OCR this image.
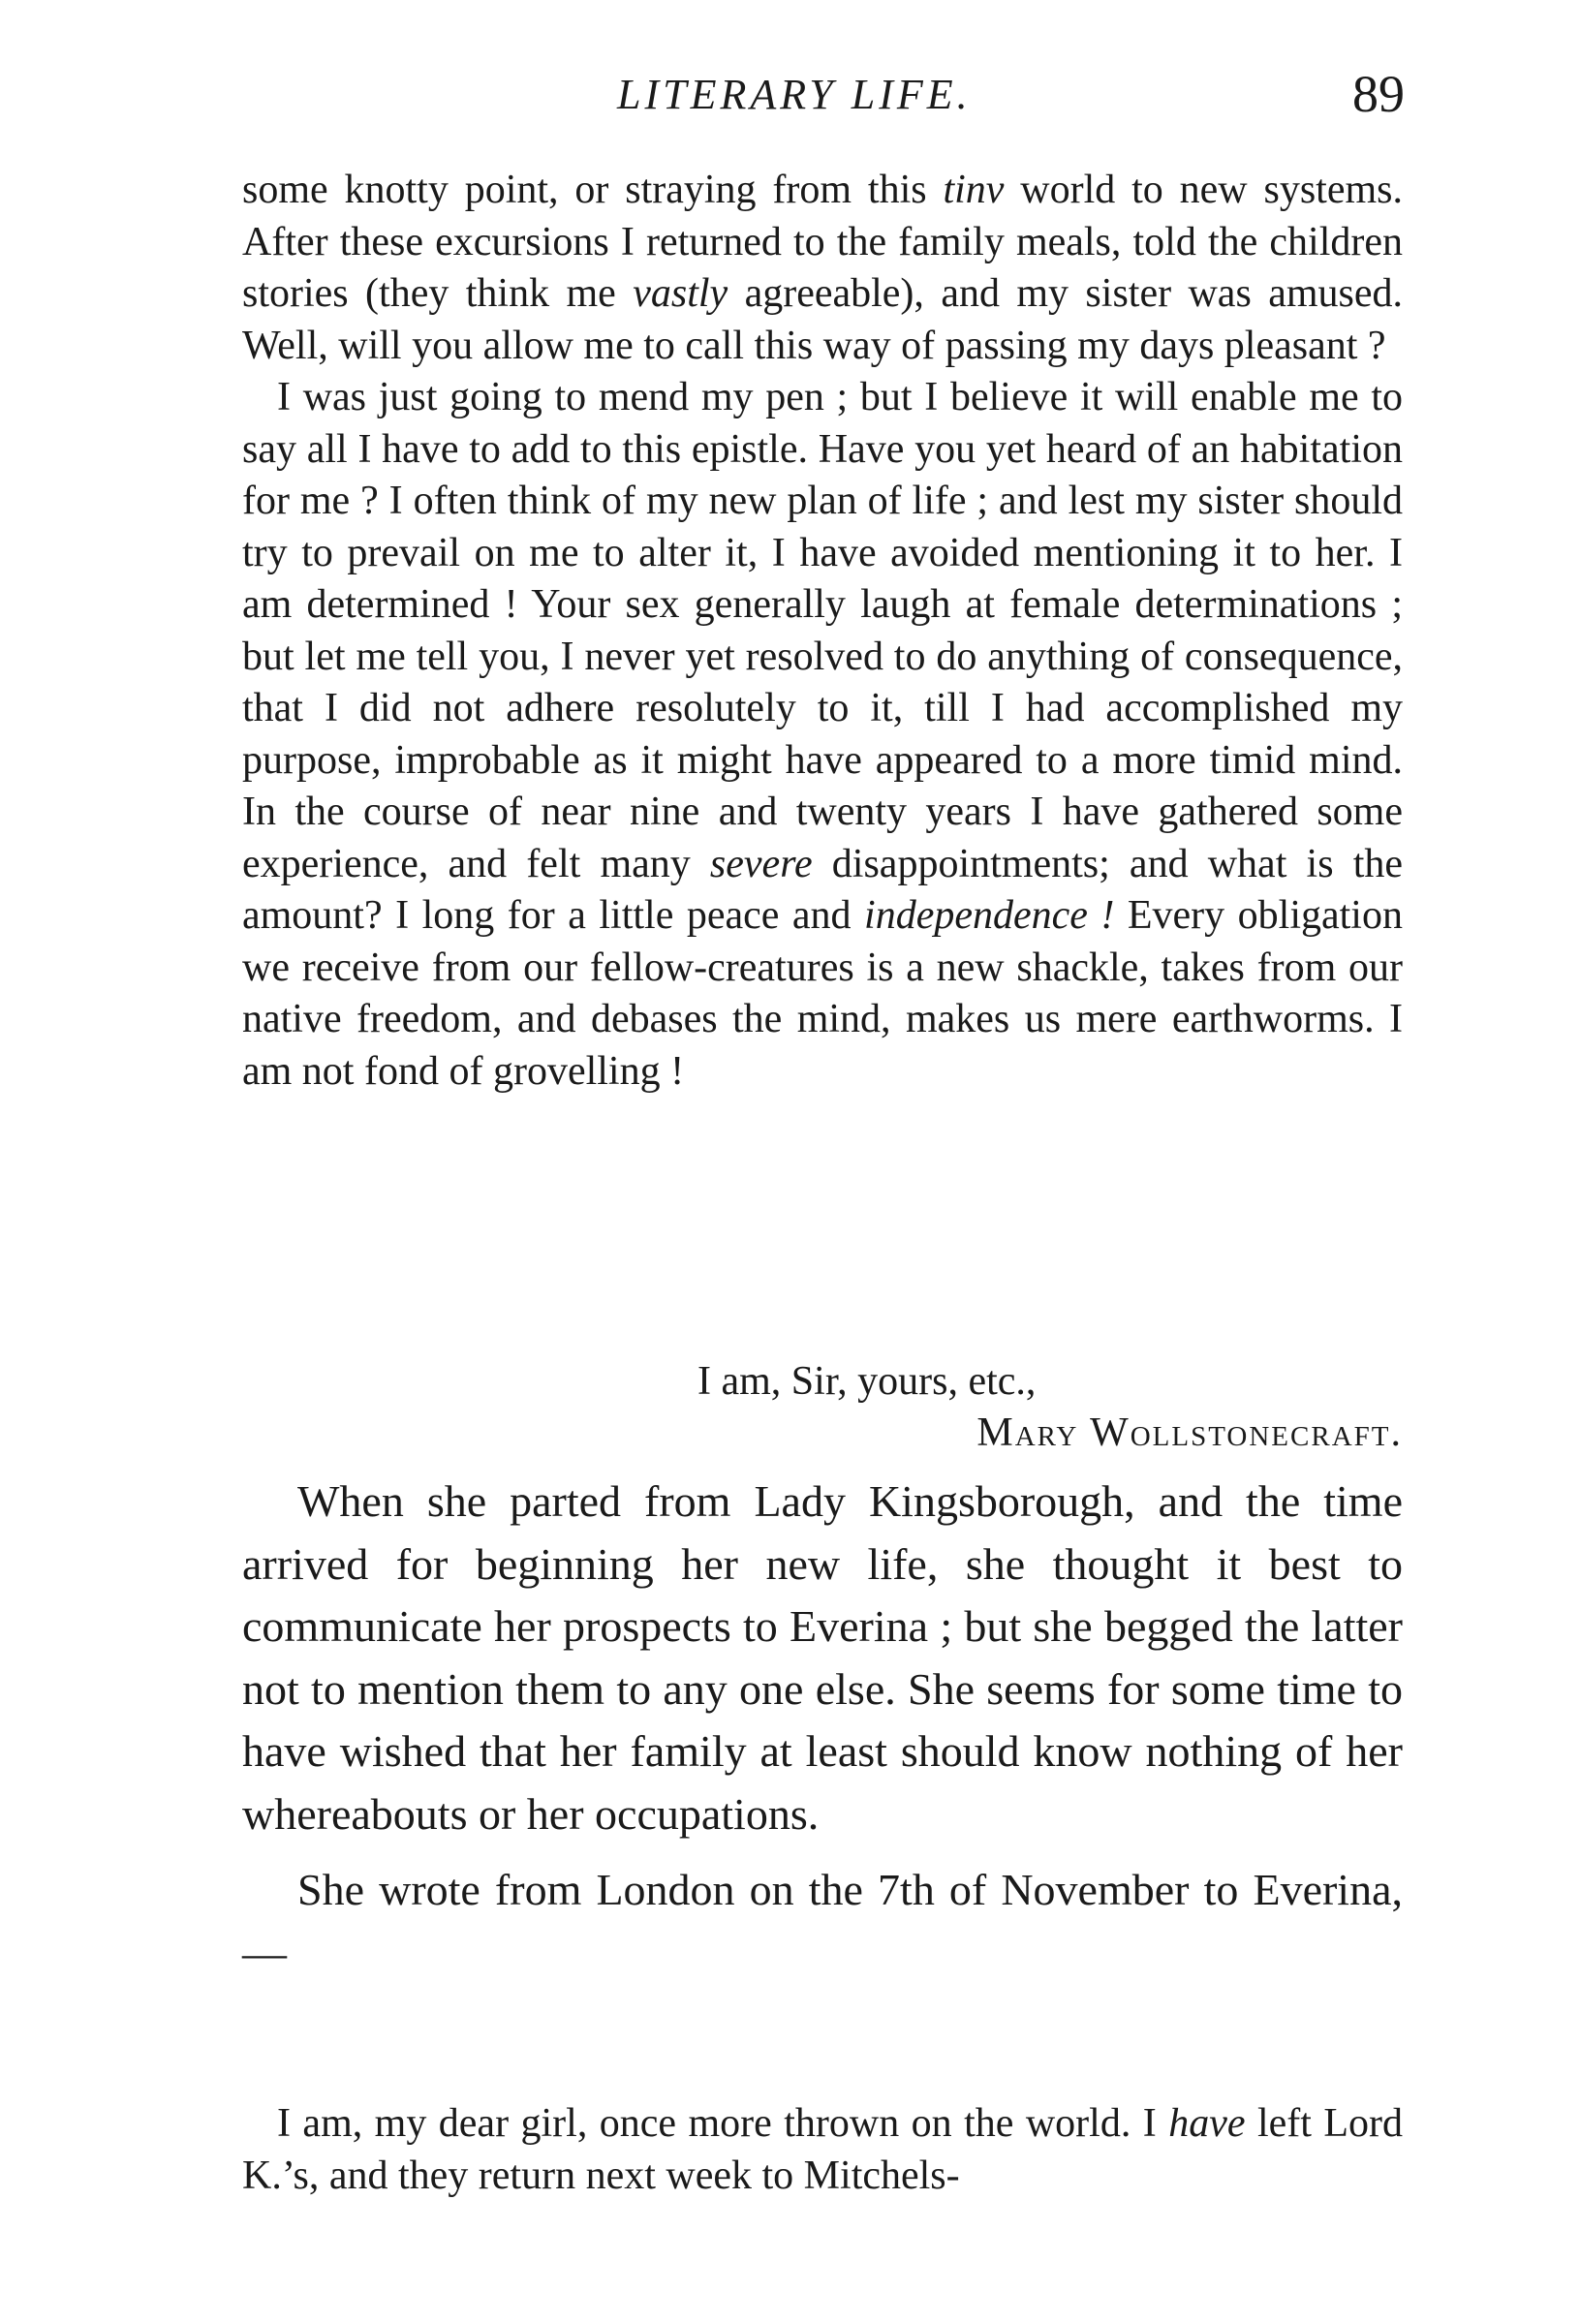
LITERARY LIFE.	89

some knotty point, or straying from this tinv world to new systems. After these excursions I returned to the family meals, told the children stories (they think me vastly agreeable), and my sister was amused. Well, will you allow me to call this way of passing my days pleasant ?

I was just going to mend my pen ; but I believe it will enable me to say all I have to add to this epistle. Have you yet heard of an habitation for me ? I often think of my new plan of life ; and lest my sister should try to prevail on me to alter it, I have avoided mentioning it to her. I am determined ! Your sex generally laugh at female determinations ; but let me tell you, I never yet resolved to do anything of consequence, that I did not adhere resolutely to it, till I had accomplished my purpose, improbable as it might have appeared to a more timid mind. In the course of near nine and twenty years I have gathered some experience, and felt many severe disappointments; and what is the amount? I long for a little peace and independence ! Every obligation we receive from our fellow-creatures is a new shackle, takes from our native freedom, and debases the mind, makes us mere earthworms. I am not fond of grovelling !

I am, Sir, yours, etc.,
Mary Wollstonecraft.

When she parted from Lady Kingsborough, and the time arrived for beginning her new life, she thought it best to communicate her prospects to Everina ; but she begged the latter not to mention them to any one else. She seems for some time to have wished that her family at least should know nothing of her whereabouts or her occupations.

She wrote from London on the 7th of November to Everina, —

I am, my dear girl, once more thrown on the world. I have left Lord K.’s, and they return next week to Mitchels-
